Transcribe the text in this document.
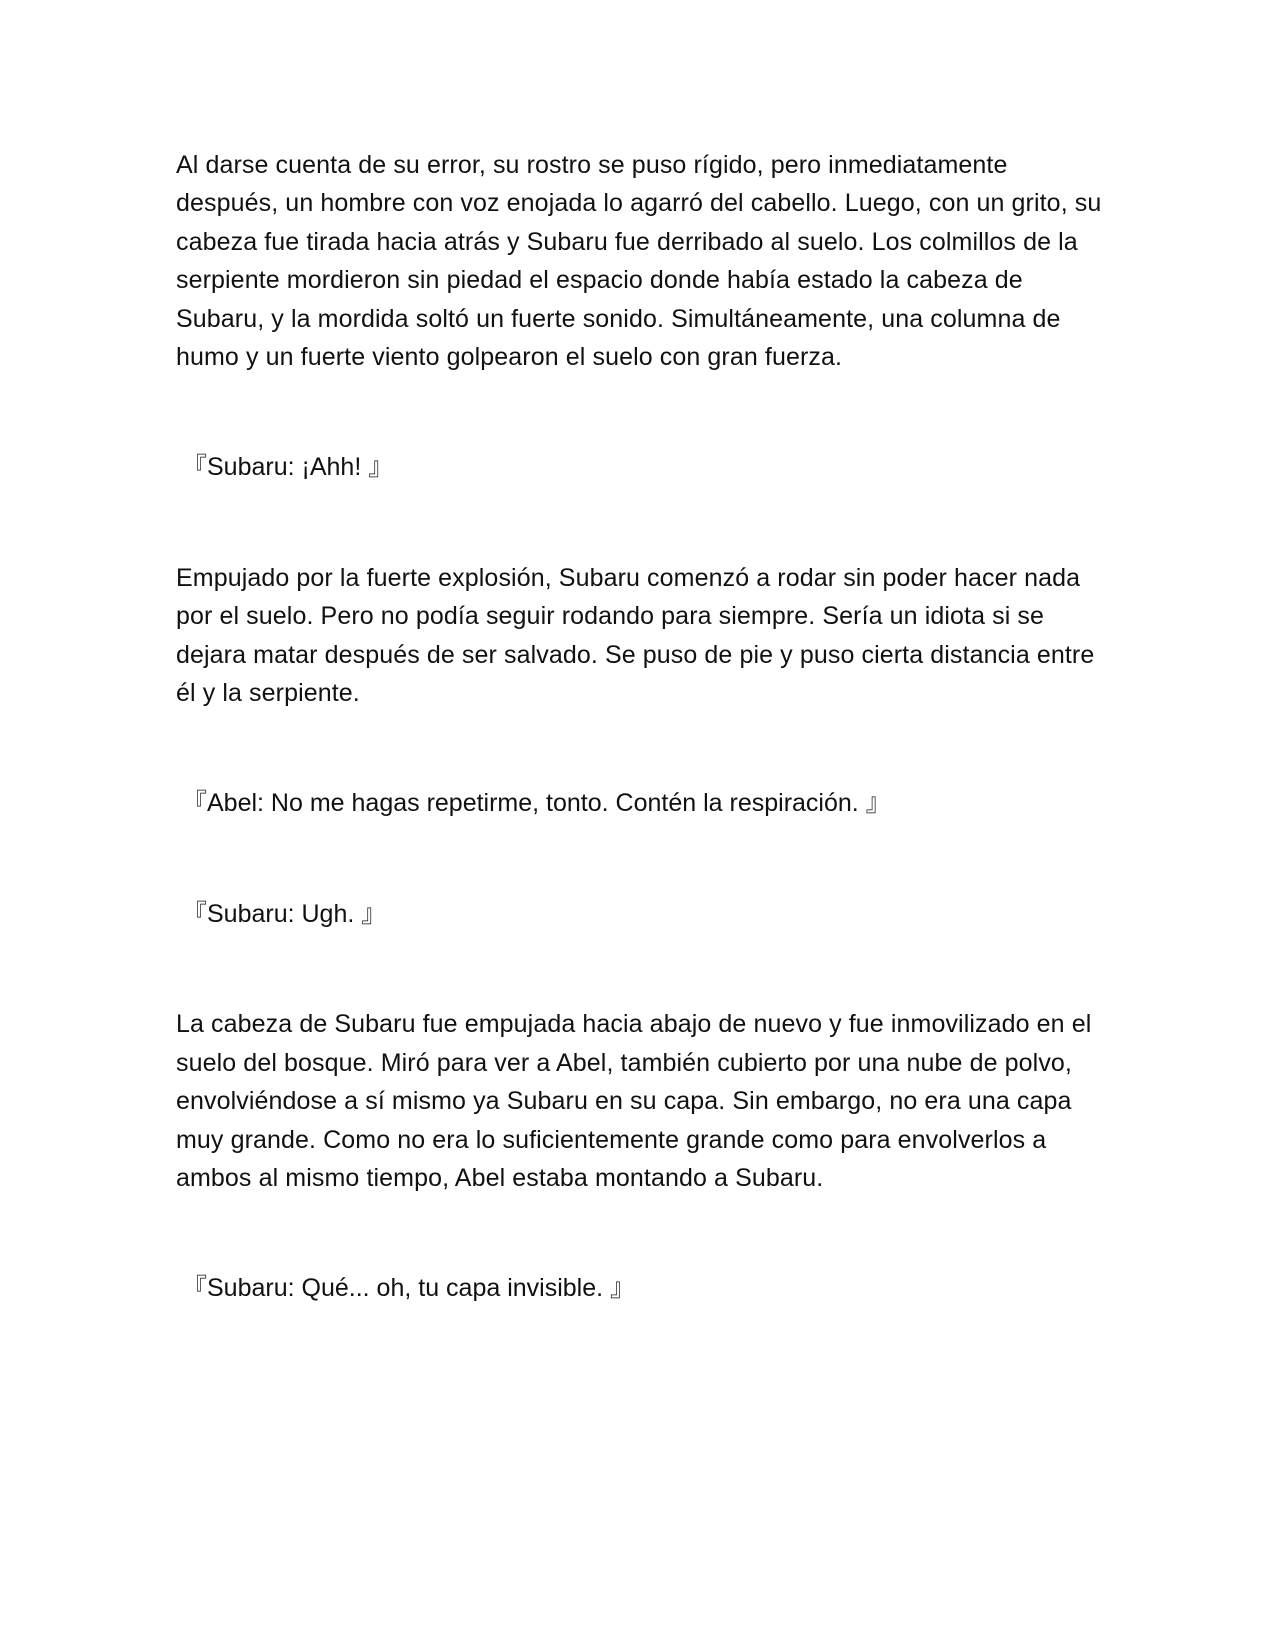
Al darse cuenta de su error, su rostro se puso rígido, pero inmediatamente después, un hombre con voz enojada lo agarró del cabello. Luego, con un grito, su cabeza fue tirada hacia atrás y Subaru fue derribado al suelo. Los colmillos de la serpiente mordieron sin piedad el espacio donde había estado la cabeza de Subaru, y la mordida soltó un fuerte sonido. Simultáneamente, una columna de humo y un fuerte viento golpearon el suelo con gran fuerza.

『Subaru: ¡Ahh! 』

Empujado por la fuerte explosión, Subaru comenzó a rodar sin poder hacer nada por el suelo. Pero no podía seguir rodando para siempre. Sería un idiota si se dejara matar después de ser salvado. Se puso de pie y puso cierta distancia entre él y la serpiente.

『Abel: No me hagas repetirme, tonto. Contén la respiración. 』

『Subaru: Ugh. 』

La cabeza de Subaru fue empujada hacia abajo de nuevo y fue inmovilizado en el suelo del bosque. Miró para ver a Abel, también cubierto por una nube de polvo, envolviéndose a sí mismo ya Subaru en su capa. Sin embargo, no era una capa muy grande. Como no era lo suficientemente grande como para envolverlos a ambos al mismo tiempo, Abel estaba montando a Subaru.

『Subaru: Qué... oh, tu capa invisible. 』
